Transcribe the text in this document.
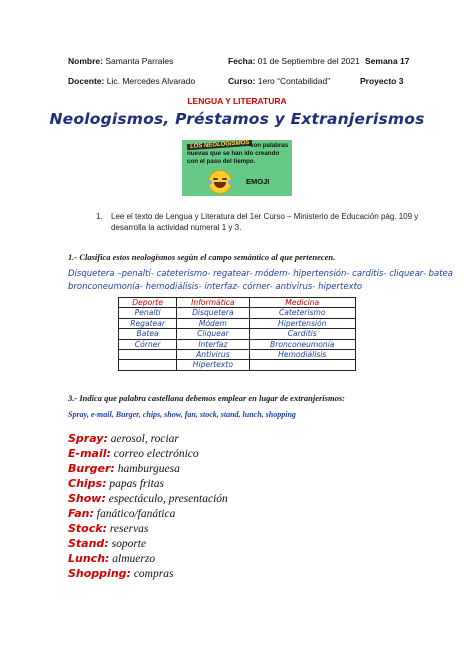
Nombre: Samanta Parrales	Fecha: 01 de Septiembre del 2021 Semana 17
Docente: Lic. Mercedes Alvarado	Curso: 1ero “Contabilidad”	Proyecto 3
LENGUA Y LITERATURA
Neologismos, Préstamos y Extranjerismos
LOS NEOLOGISMOS son palabras
nuevas que se han ido creando
con el paso del tiempo.
EMOJI
1. Lee el texto de Lengua y Literatura del 1er Curso – Ministerio de Educación pág. 109 y
desarrolla la actividad numeral 1 y 3.
1.- Clasifica estos neologismos según el campo semántico al que pertenecen.
Disquetera –penalti- cateterismo- regatear- módem- hipertensión- carditis- cliquear- batea
bronconeumonía- hemodiálisis- interfaz- córner- antivirus- hipertexto
Deporte	Informática	Medicina
Penalti	Disquetera	Cateterismo
Regatear	Módem	Hipertensión
Batea	Cliquear	Carditis
Córner	Interfaz	Bronconeumonía
	Antivirus	Hemodiálisis
	Hipertexto	
3.- Indica que palabra castellana debemos emplear en lugar de extranjerismos:
Spray, e-mail, Burger, chips, show, fan, stock, stand, lunch, shopping
Spray: aerosol, rociar
E-mail: correo electrónico
Burger: hamburguesa
Chips: papas fritas
Show: espectáculo, presentación
Fan: fanático/fanática
Stock: reservas
Stand: soporte
Lunch: almuerzo
Shopping: compras
